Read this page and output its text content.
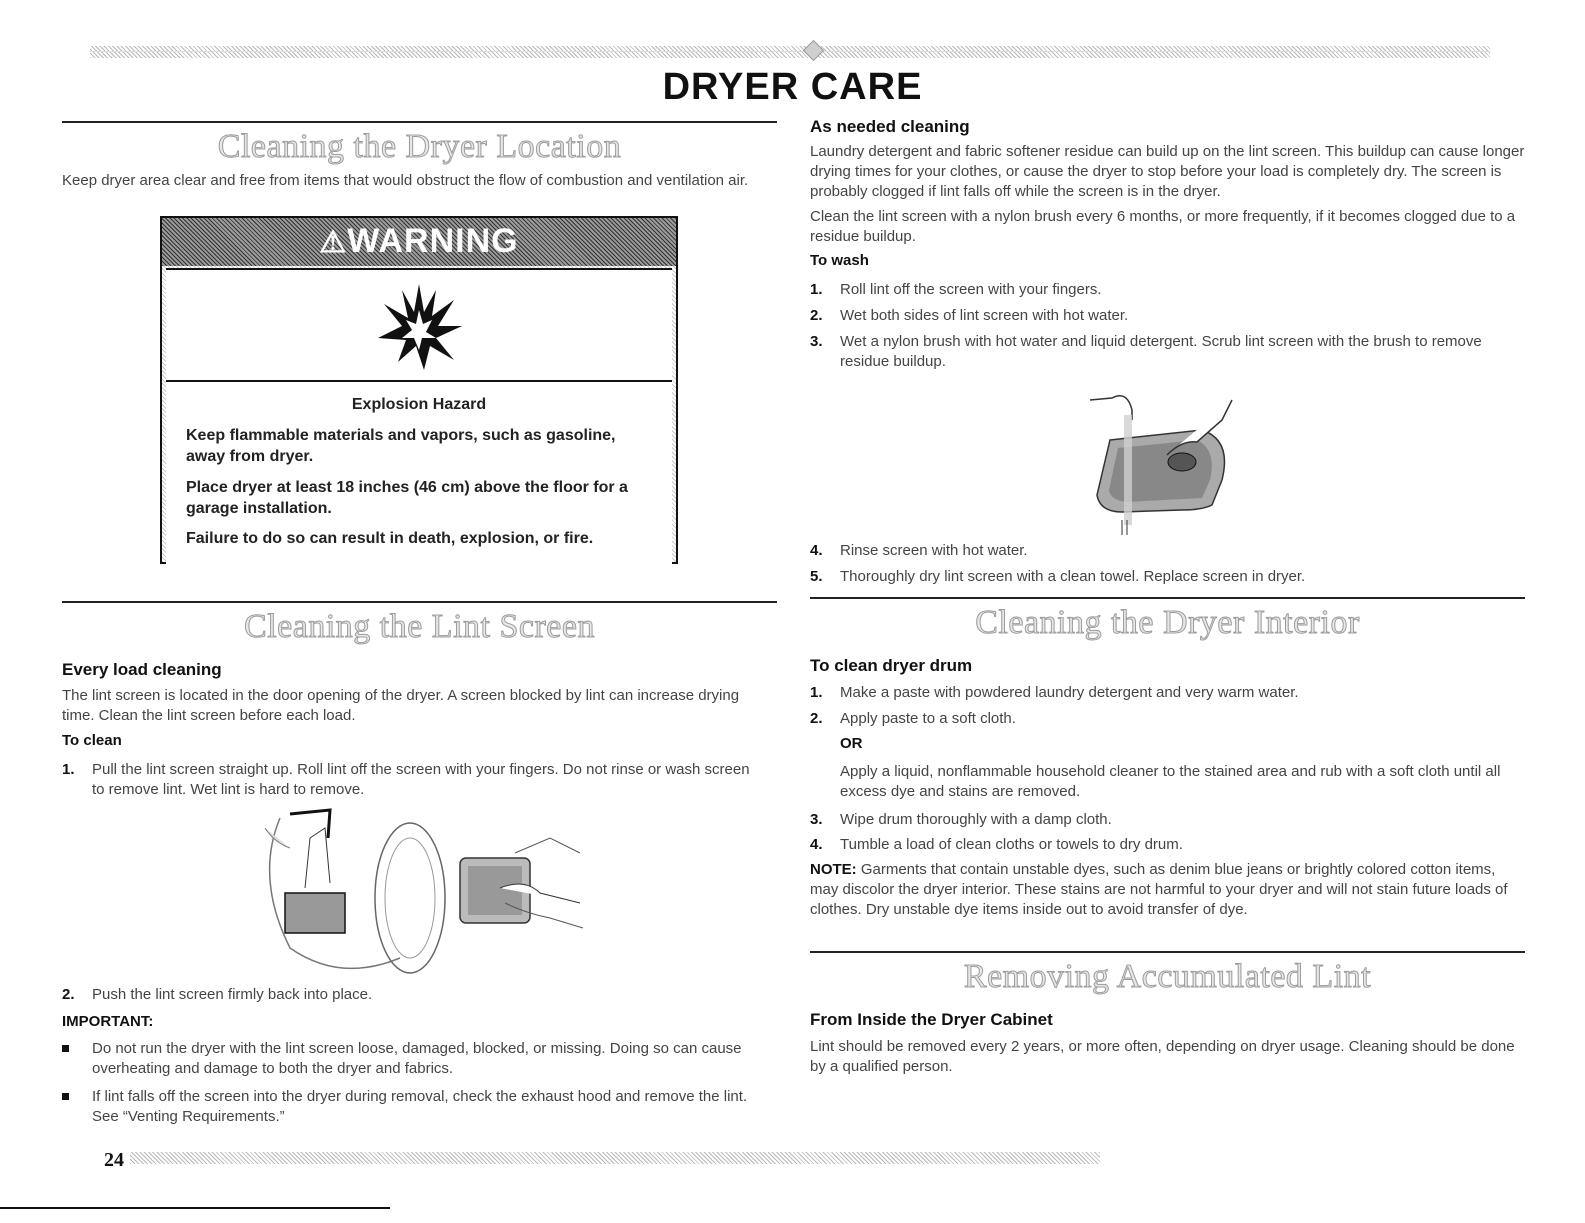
DRYER CARE
Cleaning the Dryer Location
Keep dryer area clear and free from items that would obstruct the flow of combustion and ventilation air.
⚠WARNING
Explosion Hazard
Keep flammable materials and vapors, such as gasoline, away from dryer.
Place dryer at least 18 inches (46 cm) above the floor for a garage installation.
Failure to do so can result in death, explosion, or fire.
Cleaning the Lint Screen
Every load cleaning
The lint screen is located in the door opening of the dryer. A screen blocked by lint can increase drying time. Clean the lint screen before each load.
To clean
1. Pull the lint screen straight up. Roll lint off the screen with your fingers. Do not rinse or wash screen to remove lint. Wet lint is hard to remove.
2. Push the lint screen firmly back into place.
IMPORTANT:
Do not run the dryer with the lint screen loose, damaged, blocked, or missing. Doing so can cause overheating and damage to both the dryer and fabrics.
If lint falls off the screen into the dryer during removal, check the exhaust hood and remove the lint. See “Venting Requirements.”
As needed cleaning
Laundry detergent and fabric softener residue can build up on the lint screen. This buildup can cause longer drying times for your clothes, or cause the dryer to stop before your load is completely dry. The screen is probably clogged if lint falls off while the screen is in the dryer.
Clean the lint screen with a nylon brush every 6 months, or more frequently, if it becomes clogged due to a residue buildup.
To wash
1. Roll lint off the screen with your fingers.
2. Wet both sides of lint screen with hot water.
3. Wet a nylon brush with hot water and liquid detergent. Scrub lint screen with the brush to remove residue buildup.
4. Rinse screen with hot water.
5. Thoroughly dry lint screen with a clean towel. Replace screen in dryer.
Cleaning the Dryer Interior
To clean dryer drum
1. Make a paste with powdered laundry detergent and very warm water.
2. Apply paste to a soft cloth.
OR
Apply a liquid, nonflammable household cleaner to the stained area and rub with a soft cloth until all excess dye and stains are removed.
3. Wipe drum thoroughly with a damp cloth.
4. Tumble a load of clean cloths or towels to dry drum.
NOTE: Garments that contain unstable dyes, such as denim blue jeans or brightly colored cotton items, may discolor the dryer interior. These stains are not harmful to your dryer and will not stain future loads of clothes. Dry unstable dye items inside out to avoid transfer of dye.
Removing Accumulated Lint
From Inside the Dryer Cabinet
Lint should be removed every 2 years, or more often, depending on dryer usage. Cleaning should be done by a qualified person.
24
